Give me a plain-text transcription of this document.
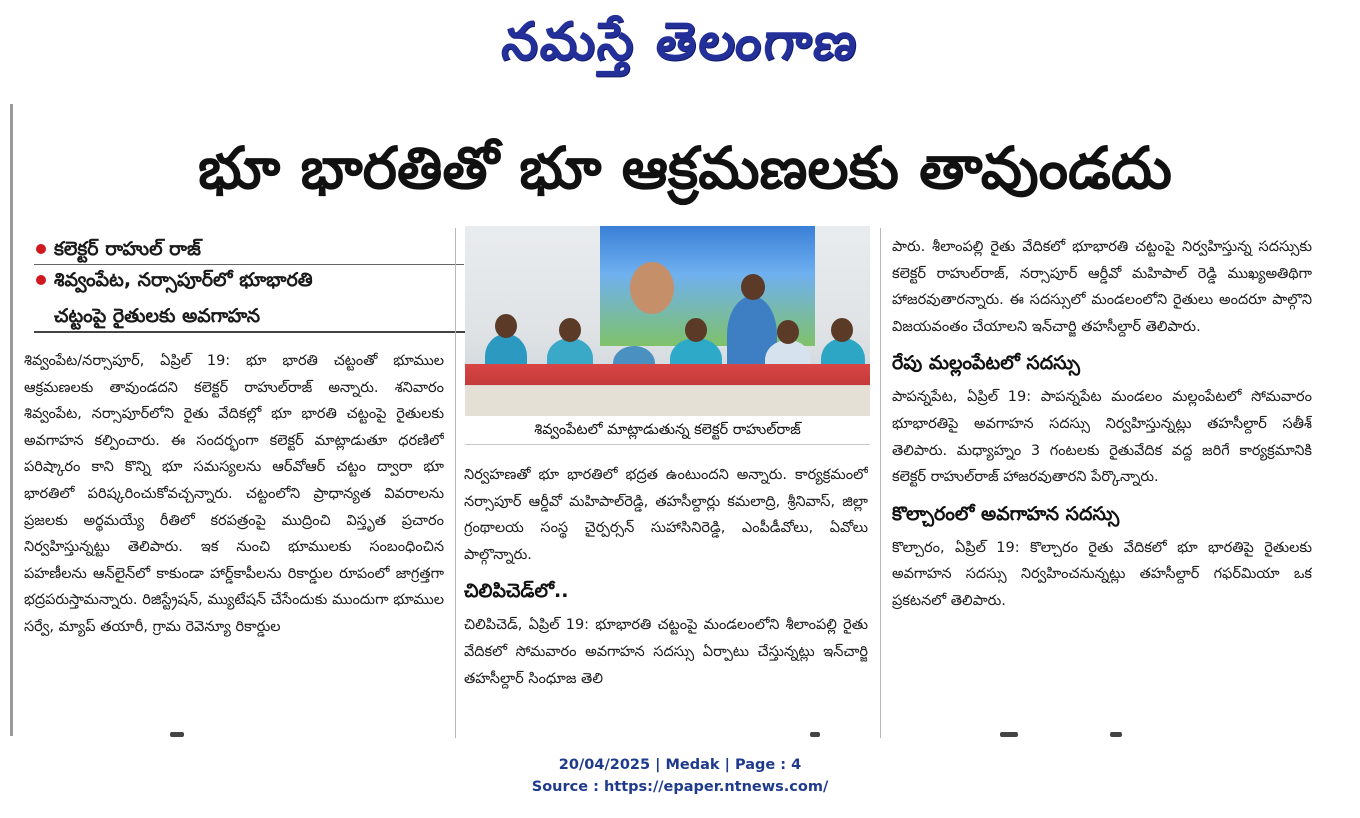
నమస్తే తెలంగాణ
భూ భారతితో భూ ఆక్రమణలకు తావుండదు
కలెక్టర్ రాహుల్ రాజ్
శివ్వంపేట, నర్సాపూర్‌లో భూభారతి
చట్టంపై రైతులకు అవగాహన

శివ్వంపేట/నర్సాపూర్, ఏప్రిల్ 19: భూ భారతి చట్టంతో భూముల ఆక్రమణలకు తావుండదని కలెక్టర్ రాహుల్‌రాజ్ అన్నారు. శనివారం శివ్వంపేట, నర్సాపూర్‌లోని రైతు వేదికల్లో భూ భారతి చట్టంపై రైతులకు అవగాహన కల్పించారు. ఈ సందర్భంగా కలెక్టర్ మాట్లాడుతూ ధరణిలో పరిష్కారం కాని కొన్ని భూ సమస్యలను ఆర్‌వోఆర్ చట్టం ద్వారా భూ భారతిలో పరిష్కరించుకోవచ్చన్నారు. చట్టంలోని ప్రాధాన్యత వివరాలను ప్రజలకు అర్థమయ్యే రీతిలో కరపత్రంపై ముద్రించి విస్తృత ప్రచారం నిర్వహిస్తున్నట్టు తెలిపారు. ఇక నుంచి భూములకు సంబంధించిన పహణీలను ఆన్‌లైన్‌లో కాకుండా హార్డ్‌కాపీలను రికార్డుల రూపంలో జాగ్రత్తగా భద్రపరుస్తామన్నారు. రిజిస్ట్రేషన్, మ్యుటేషన్ చేసేందుకు ముందుగా భూముల సర్వే, మ్యాప్ తయారీ, గ్రామ రెవెన్యూ రికార్డుల

శివ్వంపేటలో మాట్లాడుతున్న కలెక్టర్ రాహుల్‌రాజ్

నిర్వహణతో భూ భారతిలో భద్రత ఉంటుందని అన్నారు. కార్యక్రమంలో నర్సాపూర్ ఆర్డీవో మహిపాల్‌రెడ్డి, తహసీల్దార్లు కమలాద్రి, శ్రీనివాస్, జిల్లా గ్రంథాలయ సంస్థ చైర్పర్సన్ సుహాసినిరెడ్డి, ఎంపీడీవోలు, ఏవోలు పాల్గొన్నారు.

చిలిపిచెడ్‌లో..

చిలిపిచెడ్, ఏప్రిల్ 19: భూభారతి చట్టంపై మండలంలోని శీలాంపల్లి రైతు వేదికలో సోమవారం అవగాహన సదస్సు ఏర్పాటు చేస్తున్నట్లు ఇన్‌చార్జి తహసీల్దార్ సింధూజ తెలి

పారు. శీలాంపల్లి రైతు వేదికలో భూభారతి చట్టంపై నిర్వహిస్తున్న సదస్సుకు కలెక్టర్ రాహుల్‌రాజ్, నర్సాపూర్ ఆర్డీవో మహిపాల్ రెడ్డి ముఖ్యఅతిథిగా హాజరవుతారన్నారు. ఈ సదస్సులో మండలంలోని రైతులు అందరూ పాల్గొని విజయవంతం చేయాలని ఇన్‌చార్జి తహసీల్దార్ తెలిపారు.

రేపు మల్లంపేటలో సదస్సు

పాపన్నపేట, ఏప్రిల్ 19: పాపన్నపేట మండలం మల్లంపేటలో సోమవారం భూభారతిపై అవగాహన సదస్సు నిర్వహిస్తున్నట్లు తహసీల్దార్ సతీశ్ తెలిపారు. మధ్యాహ్నం 3 గంటలకు రైతువేదిక వద్ద జరిగే కార్యక్రమానికి కలెక్టర్ రాహుల్‌రాజ్ హాజరవుతారని పేర్కొన్నారు.

కొల్చారంలో అవగాహన సదస్సు

కొల్చారం, ఏప్రిల్ 19: కొల్చారం రైతు వేదికలో భూ భారతిపై రైతులకు అవగాహన సదస్సు నిర్వహించనున్నట్లు తహసీల్దార్ గఫర్‌మియా ఒక ప్రకటనలో తెలిపారు.

20/04/2025 | Medak | Page : 4
Source : https://epaper.ntnews.com/
